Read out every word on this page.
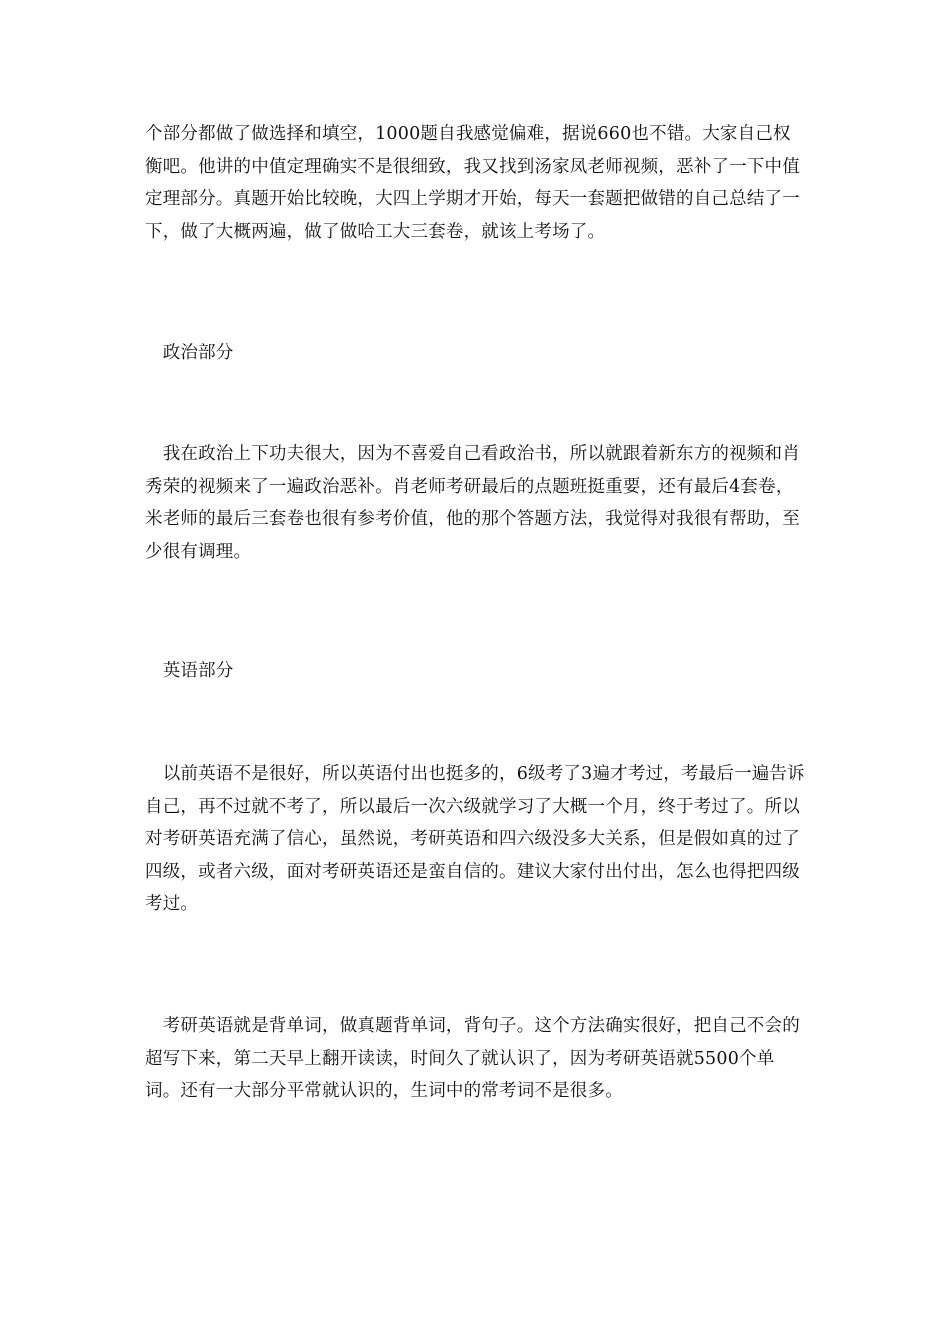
个部分都做了做选择和填空，1000题自我感觉偏难，据说660也不错。大家自己权衡吧。他讲的中值定理确实不是很细致，我又找到汤家凤老师视频，恶补了一下中值定理部分。真题开始比较晚，大四上学期才开始，每天一套题把做错的自己总结了一下，做了大概两遍，做了做哈工大三套卷，就该上考场了。

　政治部分

　我在政治上下功夫很大，因为不喜爱自己看政治书，所以就跟着新东方的视频和肖秀荣的视频来了一遍政治恶补。肖老师考研最后的点题班挺重要，还有最后4套卷，米老师的最后三套卷也很有参考价值，他的那个答题方法，我觉得对我很有帮助，至少很有调理。

　英语部分

　以前英语不是很好，所以英语付出也挺多的，6级考了3遍才考过，考最后一遍告诉自己，再不过就不考了，所以最后一次六级就学习了大概一个月，终于考过了。所以对考研英语充满了信心，虽然说，考研英语和四六级没多大关系，但是假如真的过了四级，或者六级，面对考研英语还是蛮自信的。建议大家付出付出，怎么也得把四级考过。

　考研英语就是背单词，做真题背单词，背句子。这个方法确实很好，把自己不会的超写下来，第二天早上翻开读读，时间久了就认识了，因为考研英语就5500个单词。还有一大部分平常就认识的，生词中的常考词不是很多。
